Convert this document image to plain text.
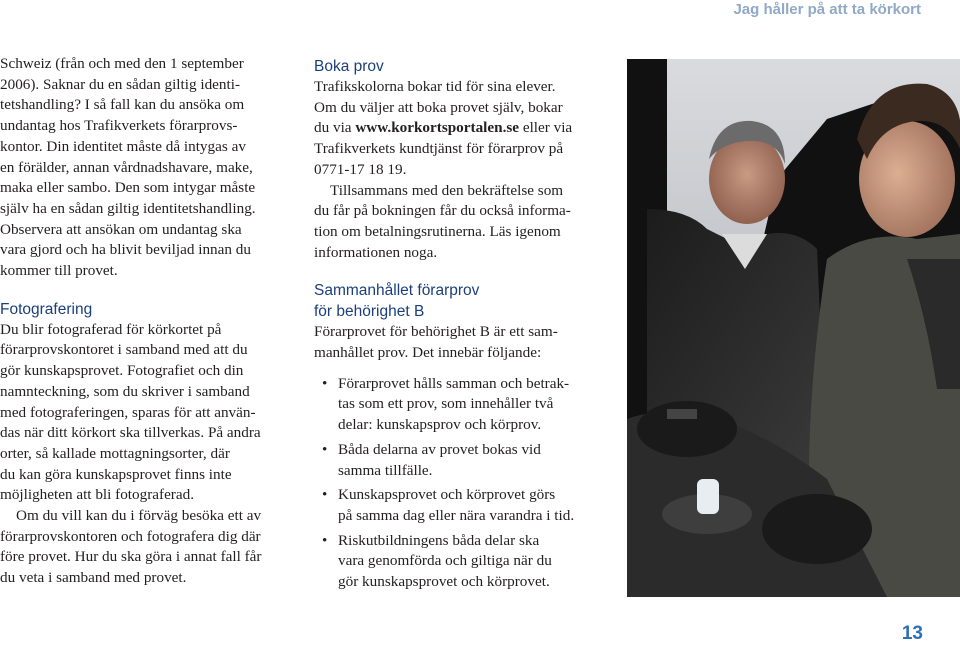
Jag håller på att ta körkort

Schweiz (från och med den 1 september
2006). Saknar du en sådan giltig identi-
tetshandling? I så fall kan du ansöka om
undantag hos Trafikverkets förarprovs-
kontor. Din identitet måste då intygas av
en förälder, annan vårdnadshavare, make,
maka eller sambo. Den som intygar måste
själv ha en sådan giltig identitetshandling.
Observera att ansökan om undantag ska
vara gjord och ha blivit beviljad innan du
kommer till provet.

Fotografering

Du blir fotograferad för körkortet på
förarprovskontoret i samband med att du
gör kunskapsprovet. Fotografiet och din
namnteckning, som du skriver i samband
med fotograferingen, sparas för att använ-
das när ditt körkort ska tillverkas. På andra
orter, så kallade mottagningsorter, där
du kan göra kunskapsprovet finns inte
möjligheten att bli fotograferad.

Om du vill kan du i förväg besöka ett av
förarprovskontoren och fotografera dig där
före provet. Hur du ska göra i annat fall får
du veta i samband med provet.

Boka prov

Trafikskolorna bokar tid för sina elever.
Om du väljer att boka provet själv, bokar
du via www.korkortsportalen.se eller via
Trafikverkets kundtjänst för förarprov på
0771-17 18 19.

Tillsammans med den bekräftelse som
du får på bokningen får du också informa-
tion om betalningsrutinerna. Läs igenom
informationen noga.

Sammanhållet förarprov
för behörighet B

Förarprovet för behörighet B är ett sam-
manhållet prov. Det innebär följande:

• Förarprovet hålls samman och betrak-
tas som ett prov, som innehåller två
delar: kunskapsprov och körprov.
• Båda delarna av provet bokas vid
samma tillfälle.
• Kunskapsprovet och körprovet görs
på samma dag eller nära varandra i tid.
• Riskutbildningens båda delar ska
vara genomförda och giltiga när du
gör kunskapsprovet och körprovet.
13
